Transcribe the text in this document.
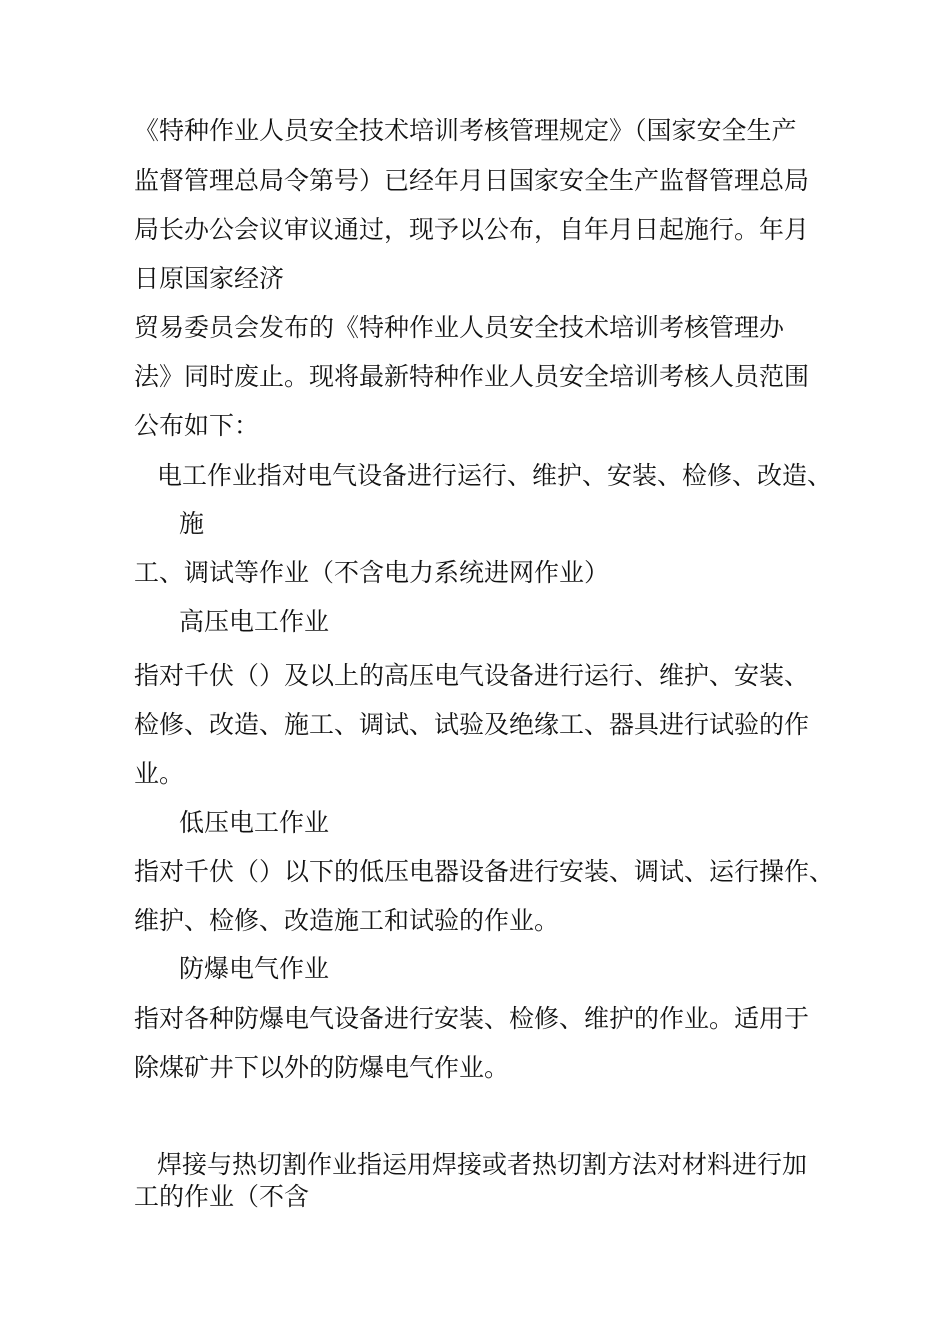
《特种作业人员安全技术培训考核管理规定》（国家安全生产

监督管理总局令第号）已经年月日国家安全生产监督管理总局

局长办公会议审议通过，现予以公布，自年月日起施行。年月

日原国家经济

贸易委员会发布的《特种作业人员安全技术培训考核管理办

法》同时废止。现将最新特种作业人员安全培训考核人员范围

公布如下：

电工作业指对电气设备进行运行、维护、安装、检修、改造、

施

工、调试等作业（不含电力系统进网作业）

高压电工作业

指对千伏（）及以上的高压电气设备进行运行、维护、安装、

检修、改造、施工、调试、试验及绝缘工、器具进行试验的作

业。

低压电工作业

指对千伏（）以下的低压电器设备进行安装、调试、运行操作、

维护、检修、改造施工和试验的作业。

防爆电气作业

指对各种防爆电气设备进行安装、检修、维护的作业。适用于

除煤矿井下以外的防爆电气作业。

焊接与热切割作业指运用焊接或者热切割方法对材料进行加

工的作业（不含
